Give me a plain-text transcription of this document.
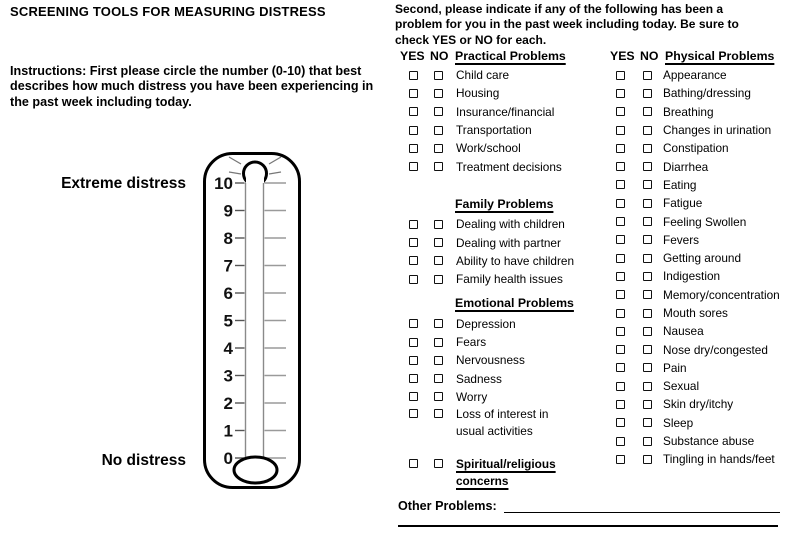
SCREENING TOOLS FOR MEASURING DISTRESS
Instructions: First please circle the number (0-10) that best
describes how much distress you have been experiencing in
the past week including today.
Extreme distress
No distress
10
9
8
7
6
5
4
3
2
1
0
Second, please indicate if any of the following has been a
problem for you in the past week including today. Be sure to
check YES or NO for each.
YES NO Practical Problems
Child care
Housing
Insurance/financial
Transportation
Work/school
Treatment decisions
Family Problems
Dealing with children
Dealing with partner
Ability to have children
Family health issues
Emotional Problems
Depression
Fears
Nervousness
Sadness
Worry
Loss of interest in
usual activities
Spiritual/religious
concerns
Other Problems:
YES NO Physical Problems
Appearance
Bathing/dressing
Breathing
Changes in urination
Constipation
Diarrhea
Eating
Fatigue
Feeling Swollen
Fevers
Getting around
Indigestion
Memory/concentration
Mouth sores
Nausea
Nose dry/congested
Pain
Sexual
Skin dry/itchy
Sleep
Substance abuse
Tingling in hands/feet
